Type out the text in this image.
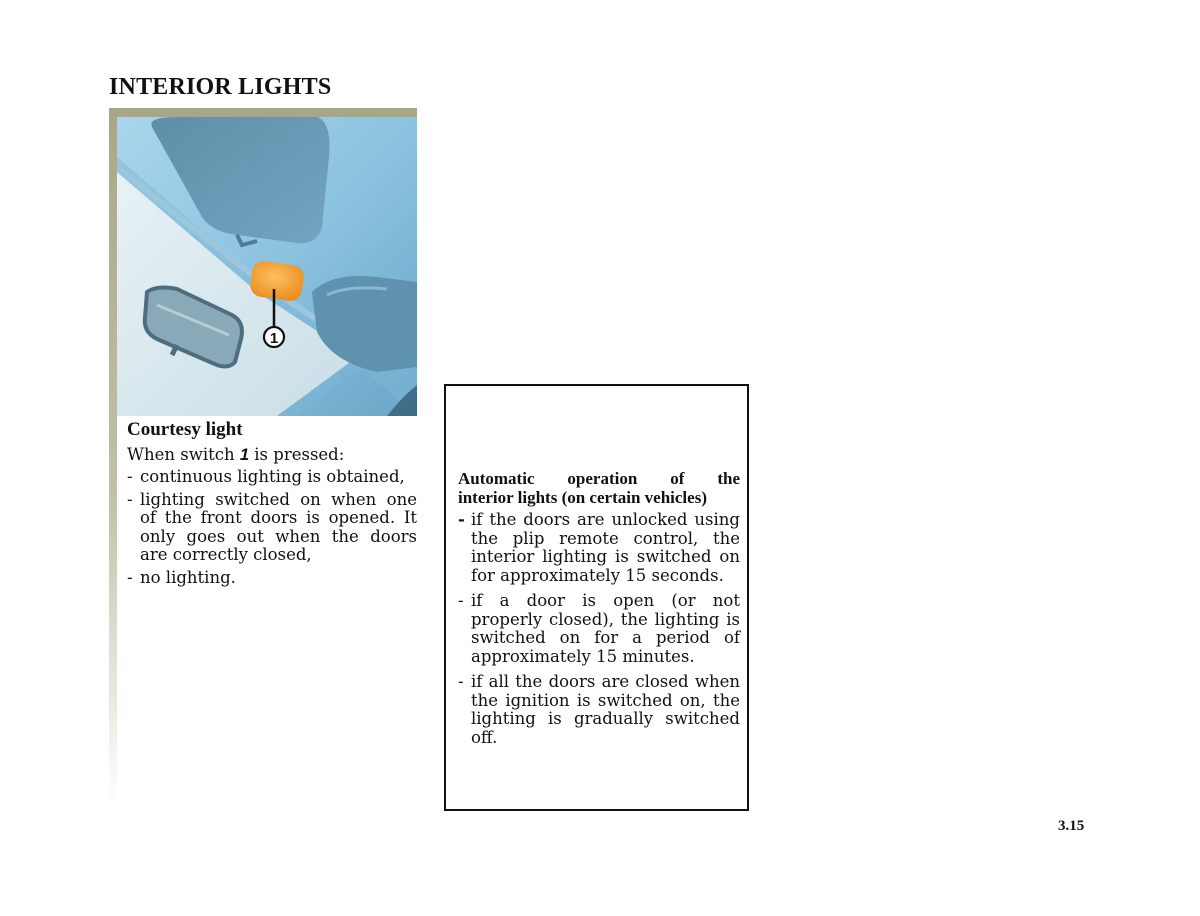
INTERIOR LIGHTS
1
Courtesy light

When switch 1 is pressed:

- continuous lighting is obtained,

- lighting switched on when one of the front doors is opened. It only goes out when the doors are correctly closed,

- no lighting.

Automatic operation of the
interior lights (on certain vehicles)

- if the doors are unlocked using the plip remote control, the interior lighting is switched on for approximately 15 seconds.

- if a door is open (or not properly closed), the lighting is switched on for a period of approximately 15 minutes.

- if all the doors are closed when the ignition is switched on, the lighting is gradually switched off.

3.15
